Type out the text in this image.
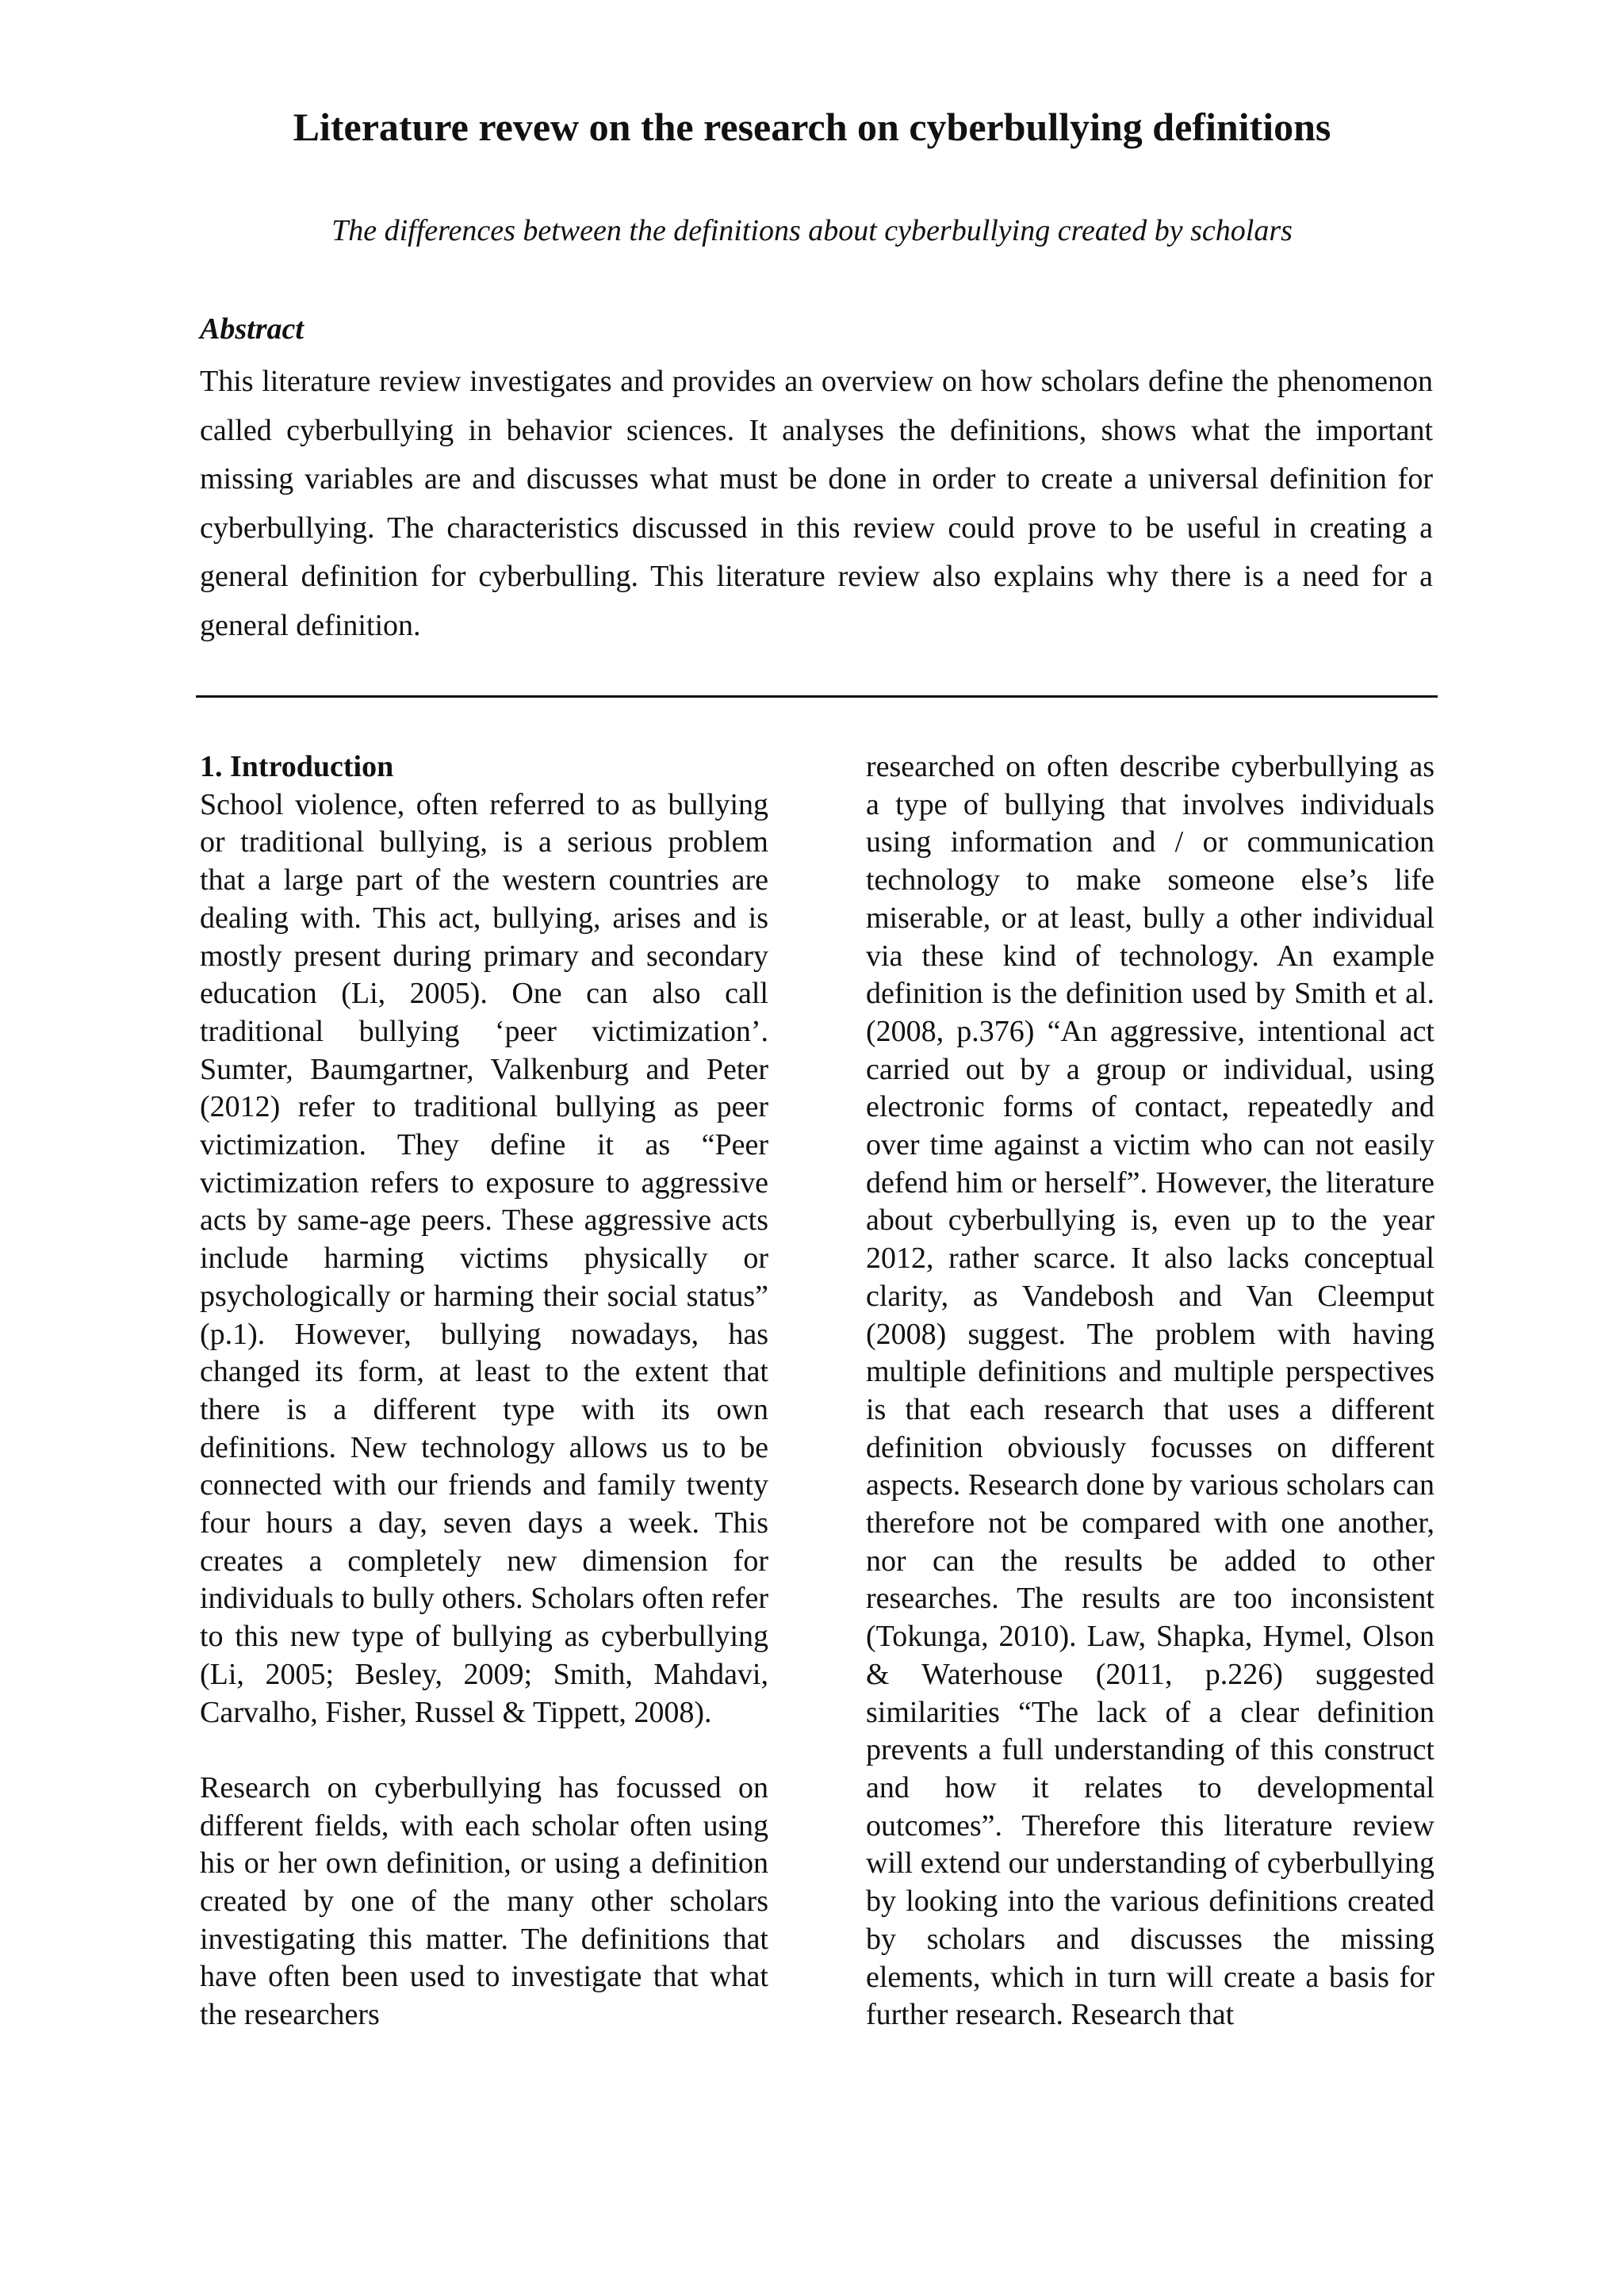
Literature revew on the research on cyberbullying definitions

The differences between the definitions about cyberbullying created by scholars

Abstract

This literature review investigates and provides an overview on how scholars define the phenomenon called cyberbullying in behavior sciences. It analyses the definitions, shows what the important missing variables are and discusses what must be done in order to create a universal definition for cyberbullying. The characteristics discussed in this review could prove to be useful in creating a general definition for cyberbulling. This literature review also explains why there is a need for a general definition.

1. Introduction

School violence, often referred to as bullying or traditional bullying, is a serious problem that a large part of the western countries are dealing with. This act, bullying, arises and is mostly present during primary and secondary education (Li, 2005). One can also call traditional bullying ‘peer victimization’. Sumter, Baumgartner, Valkenburg and Peter (2012) refer to traditional bullying as peer victimization. They define it as “Peer victimization refers to exposure to aggressive acts by same-age peers. These aggressive acts include harming victims physically or psychologically or harming their social status” (p.1). However, bullying nowadays, has changed its form, at least to the extent that there is a different type with its own definitions. New technology allows us to be connected with our friends and family twenty four hours a day, seven days a week. This creates a completely new dimension for individuals to bully others. Scholars often refer to this new type of bullying as cyberbullying (Li, 2005; Besley, 2009; Smith, Mahdavi, Carvalho, Fisher, Russel & Tippett, 2008).

Research on cyberbullying has focussed on different fields, with each scholar often using his or her own definition, or using a definition created by one of the many other scholars investigating this matter. The definitions that have often been used to investigate that what the researchers

researched on often describe cyberbullying as a type of bullying that involves individuals using information and / or communication technology to make someone else’s life miserable, or at least, bully a other individual via these kind of technology. An example definition is the definition used by Smith et al. (2008, p.376) “An aggressive, intentional act carried out by a group or individual, using electronic forms of contact, repeatedly and over time against a victim who can not easily defend him or herself”. However, the literature about cyberbullying is, even up to the year 2012, rather scarce. It also lacks conceptual clarity, as Vandebosh and Van Cleemput (2008) suggest. The problem with having multiple definitions and multiple perspectives is that each research that uses a different definition obviously focusses on different aspects. Research done by various scholars can therefore not be compared with one another, nor can the results be added to other researches. The results are too inconsistent (Tokunga, 2010). Law, Shapka, Hymel, Olson & Waterhouse (2011, p.226) suggested similarities “The lack of a clear definition prevents a full understanding of this construct and how it relates to developmental outcomes”. Therefore this literature review will extend our understanding of cyberbullying by looking into the various definitions created by scholars and discusses the missing elements, which in turn will create a basis for further research. Research that
